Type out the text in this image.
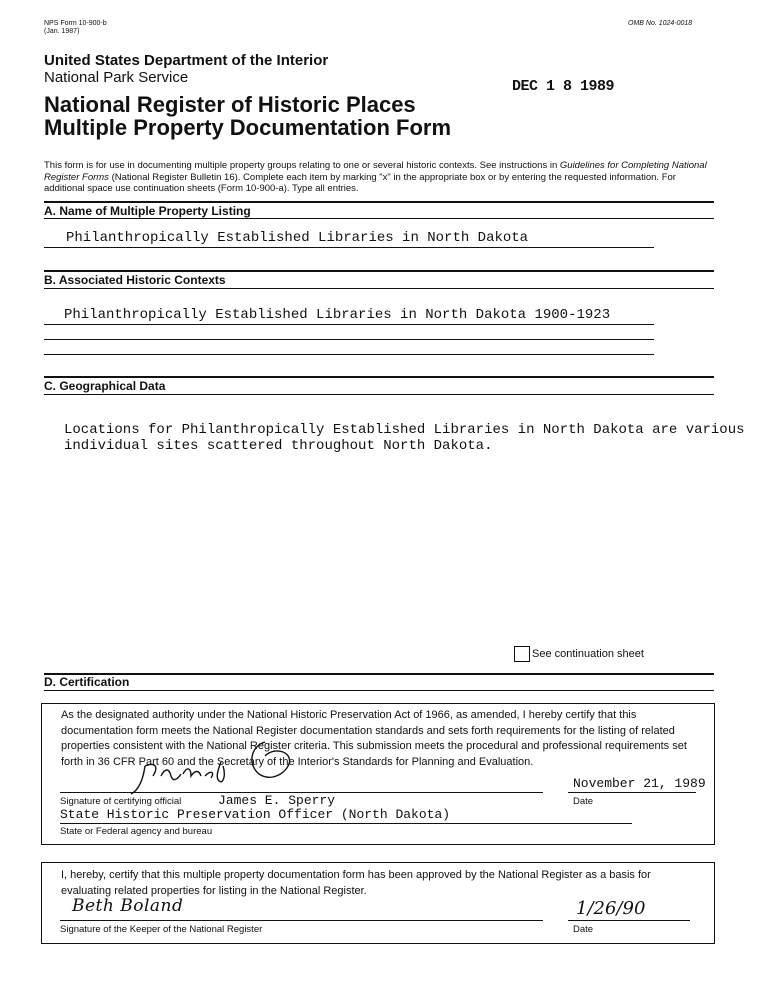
NPS Form 10-900-b
(Jan. 1987)
OMB No. 1024-0018
United States Department of the Interior
National Park Service
National Register of Historic Places
Multiple Property Documentation Form
DEC 1 8 1989
This form is for use in documenting multiple property groups relating to one or several historic contexts. See instructions in Guidelines for Completing National Register Forms (National Register Bulletin 16). Complete each item by marking "x" in the appropriate box or by entering the requested information. For additional space use continuation sheets (Form 10-900-a). Type all entries.
A. Name of Multiple Property Listing
Philanthropically Established Libraries in North Dakota
B. Associated Historic Contexts
Philanthropically Established Libraries in North Dakota 1900-1923
C. Geographical Data
Locations for Philanthropically Established Libraries in North Dakota are various
individual sites scattered throughout North Dakota.
See continuation sheet
D. Certification
As the designated authority under the National Historic Preservation Act of 1966, as amended, I hereby certify that this documentation form meets the National Register documentation standards and sets forth requirements for the listing of related properties consistent with the National Register criteria. This submission meets the procedural and professional requirements set forth in 36 CFR Part 60 and the Secretary of the Interior's Standards for Planning and Evaluation.
Signature of certifying official	James E. Sperry
November 21, 1989
Date
State Historic Preservation Officer (North Dakota)
State or Federal agency and bureau
I, hereby, certify that this multiple property documentation form has been approved by the National Register as a basis for evaluating related properties for listing in the National Register.
Beth Boland
Signature of the Keeper of the National Register
1/26/90
Date
